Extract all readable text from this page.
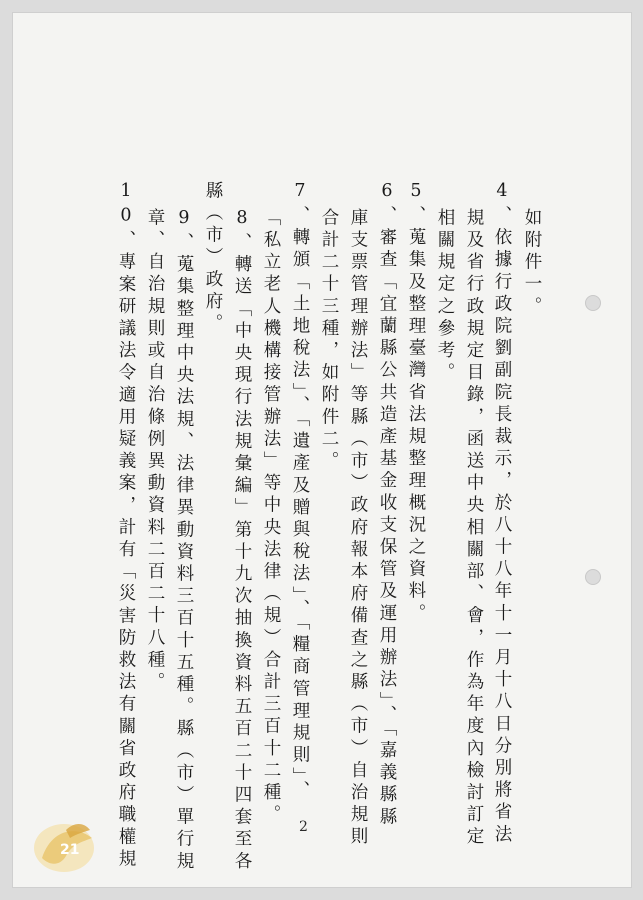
如附件一。
4、依據行政院劉副院長裁示，於八十八年十一月十八日分別將省法
規及省行政規定目錄，函送中央相關部、會，作為年度內檢討訂定
相關規定之參考。
5、蒐集及整理臺灣省法規整理概況之資料。
6、審查「宜蘭縣公共造產基金收支保管及運用辦法」、「嘉義縣縣
庫支票管理辦法」等縣（市）政府報本府備查之縣（市）自治規則
合計二十三種，如附件二。
7、轉頒「土地稅法」、「遺產及贈與稅法」、「糧商管理規則」、
「私立老人機構接管辦法」等中央法律（規）合計三百十二種。
8、轉送「中央現行法規彙編」第十九次抽換資料五百二十四套至各
縣（市）政府。
9、蒐集整理中央法規、法律異動資料三百十五種。縣（市）單行規
章、自治規則或自治條例異動資料二百二十八種。
10、專案研議法令適用疑義案，計有「災害防救法有關省政府職權規	2
21
